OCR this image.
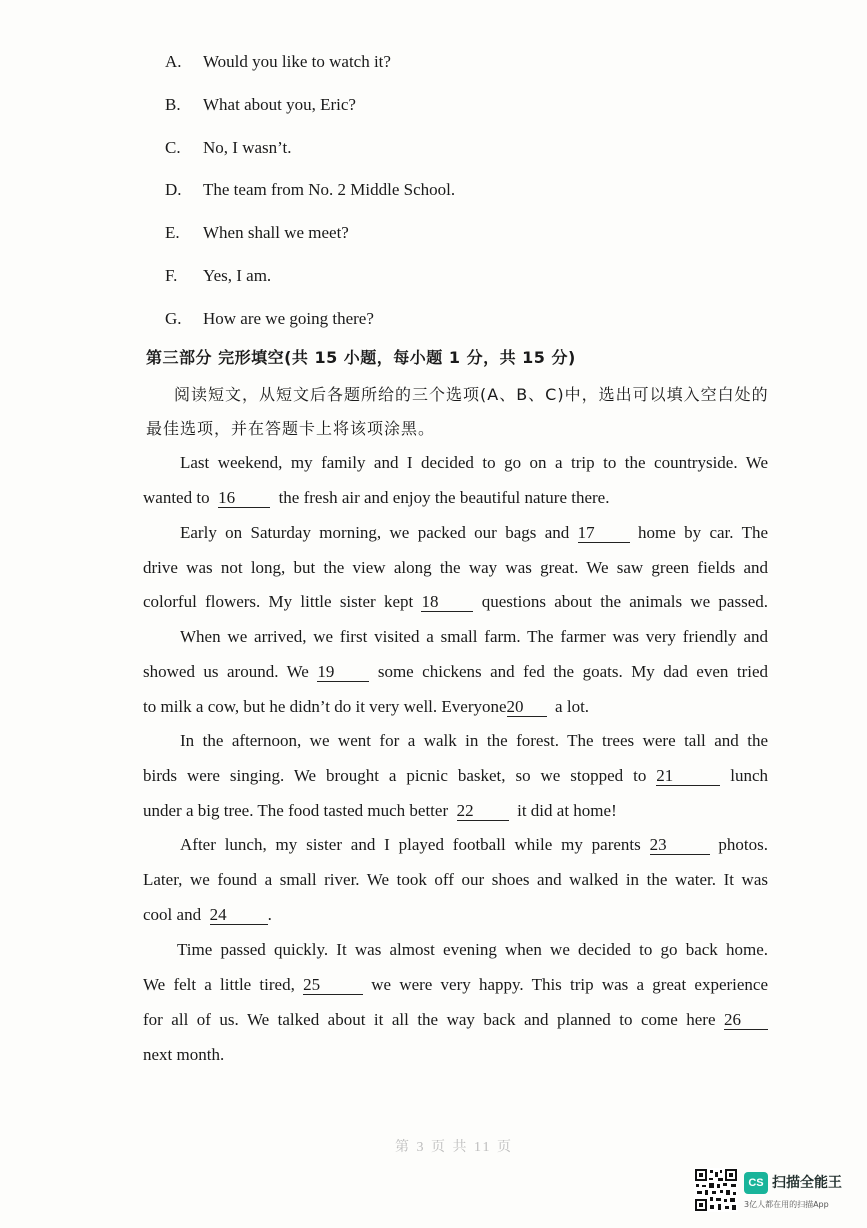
A. Would you like to watch it?
B. What about you, Eric?
C. No, I wasn’t.
D. The team from No. 2 Middle School.
E. When shall we meet?
F. Yes, I am.
G. How are we going there?
第三部分 完形填空(共 15 小题，每小题 1 分，共 15 分)
阅读短文，从短文后各题所给的三个选项(A、B、C)中，选出可以填入空白处的最佳选项，并在答题卡上将该项涂黑。
Last weekend, my family and I decided to go on a trip to the countryside. We
wanted to 16	the fresh air and enjoy the beautiful nature there.
Early on Saturday morning, we packed our bags and 17	home by car. The
drive was not long, but the view along the way was great. We saw green fields and
colorful flowers. My little sister kept 18	questions about the animals we passed.
When we arrived, we first visited a small farm. The farmer was very friendly and
showed us around. We 19	some chickens and fed the goats. My dad even tried
to milk a cow, but he didn’t do it very well. Everyone20 a lot.
In the afternoon, we went for a walk in the forest. The trees were tall and the
birds were singing. We brought a picnic basket, so we stopped to 21	lunch
under a big tree. The food tasted much better 22	it did at home!
After lunch, my sister and I played football while my parents 23	photos.
Later, we found a small river. We took off our shoes and walked in the water. It was
cool and 24 .
Time passed quickly. It was almost evening when we decided to go back home.
We felt a little tired, 25	we were very happy. This trip was a great experience
for all of us. We talked about it all the way back and planned to come here 26
next month.
第 3 页 共 11 页
CS 扫描全能王
3亿人都在用的扫描App
